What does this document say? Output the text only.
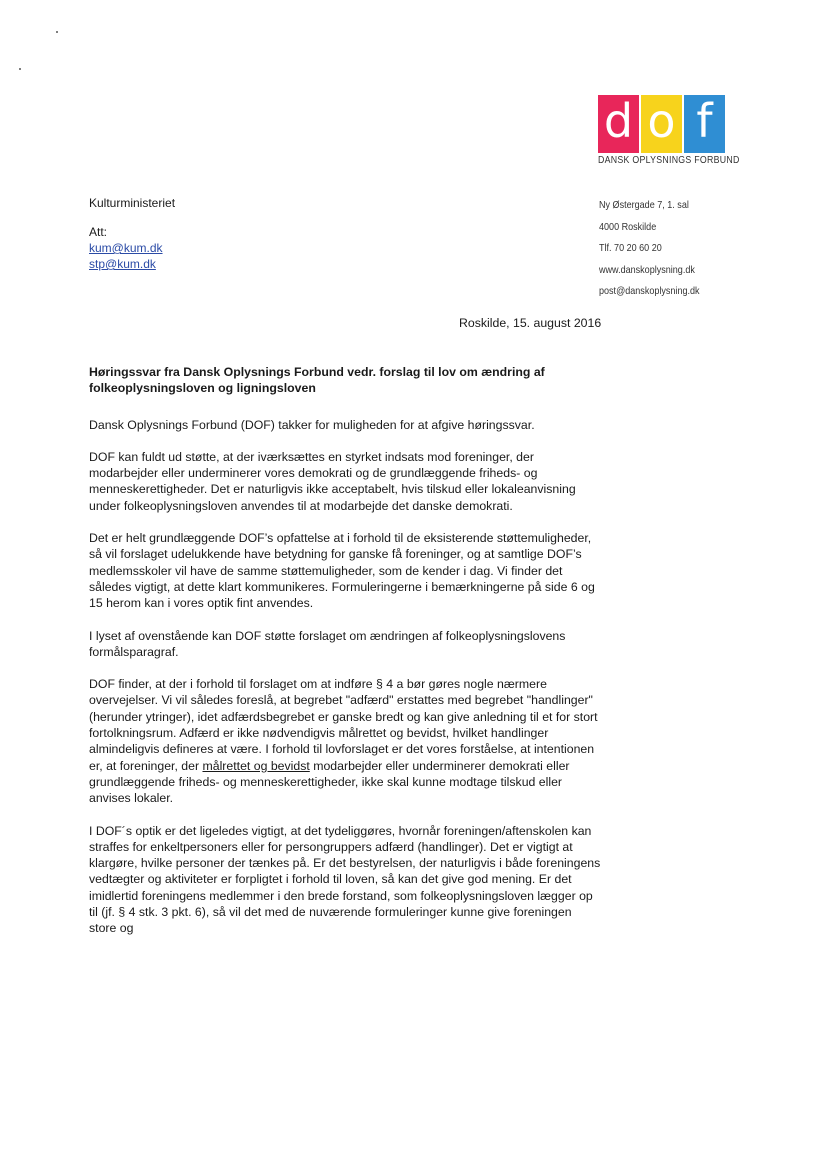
d o f
DANSK OPLYSNINGS FORBUND
Kulturministeriet
Att:
kum@kum.dk
stp@kum.dk
Ny Østergade 7, 1. sal
4000 Roskilde
Tlf. 70 20 60 20
www.danskoplysning.dk
post@danskoplysning.dk
Roskilde, 15. august 2016
Høringssvar fra Dansk Oplysnings Forbund vedr. forslag til lov om ændring af folkeoplysningsloven og ligningsloven

Dansk Oplysnings Forbund (DOF) takker for muligheden for at afgive høringssvar.

DOF kan fuldt ud støtte, at der iværksættes en styrket indsats mod foreninger, der modarbejder eller underminerer vores demokrati og de grundlæggende friheds- og menneskerettigheder. Det er naturligvis ikke acceptabelt, hvis tilskud eller lokaleanvisning under folkeoplysningsloven anvendes til at modarbejde det danske demokrati.

Det er helt grundlæggende DOF’s opfattelse at i forhold til de eksisterende støttemuligheder, så vil forslaget udelukkende have betydning for ganske få foreninger, og at samtlige DOF’s medlemsskoler vil have de samme støttemuligheder, som de kender i dag. Vi finder det således vigtigt, at dette klart kommunikeres. Formuleringerne i bemærkningerne på side 6 og 15 herom kan i vores optik fint anvendes.

I lyset af ovenstående kan DOF støtte forslaget om ændringen af folkeoplysningslovens formålsparagraf.

DOF finder, at der i forhold til forslaget om at indføre § 4 a bør gøres nogle nærmere overvejelser. Vi vil således foreslå, at begrebet "adfærd" erstattes med begrebet "handlinger" (herunder ytringer), idet adfærdsbegrebet er ganske bredt og kan give anledning til et for stort fortolkningsrum. Adfærd er ikke nødvendigvis målrettet og bevidst, hvilket handlinger almindeligvis defineres at være. I forhold til lovforslaget er det vores forståelse, at intentionen er, at foreninger, der målrettet og bevidst modarbejder eller underminerer demokrati eller grundlæggende friheds- og menneskerettigheder, ikke skal kunne modtage tilskud eller anvises lokaler.

I DOF´s optik er det ligeledes vigtigt, at det tydeliggøres, hvornår foreningen/aftenskolen kan straffes for enkeltpersoners eller for persongruppers adfærd (handlinger). Det er vigtigt at klargøre, hvilke personer der tænkes på. Er det bestyrelsen, der naturligvis i både foreningens vedtægter og aktiviteter er forpligtet i forhold til loven, så kan det give god mening. Er det imidlertid foreningens medlemmer i den brede forstand, som folkeoplysningsloven lægger op til (jf. § 4 stk. 3 pkt. 6), så vil det med de nuværende formuleringer kunne give foreningen store og
